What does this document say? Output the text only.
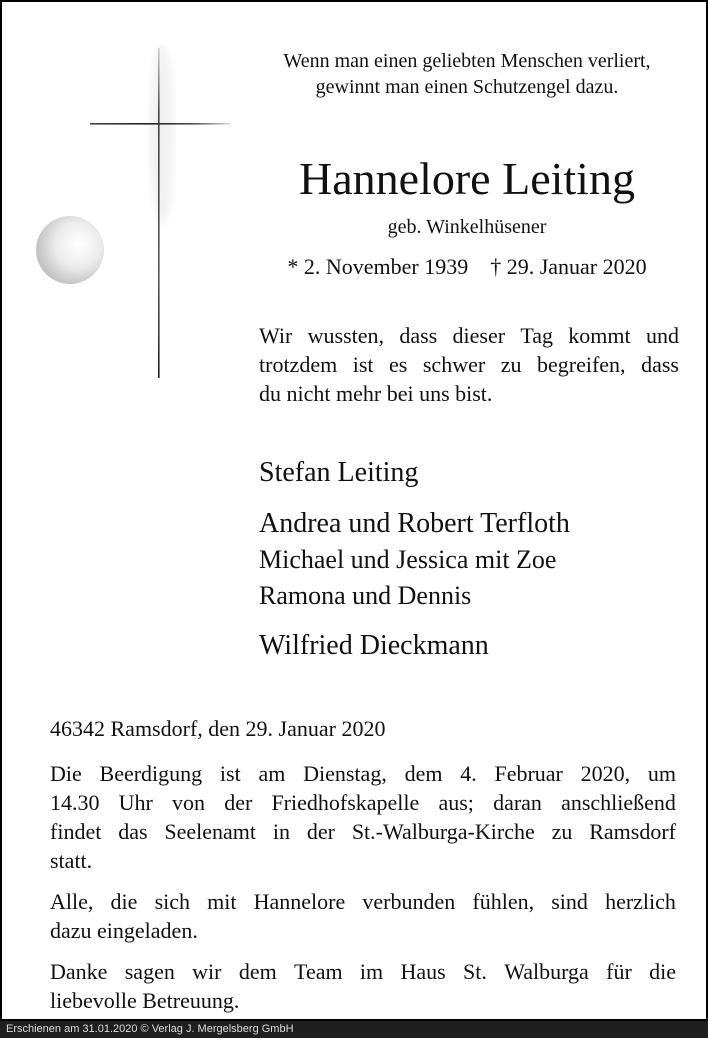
Wenn man einen geliebten Menschen verliert,
gewinnt man einen Schutzengel dazu.
Hannelore Leiting
geb. Winkelhüsener
* 2. November 1939 † 29. Januar 2020
Wir wussten, dass dieser Tag kommt und
trotzdem ist es schwer zu begreifen, dass
du nicht mehr bei uns bist.
Stefan Leiting
Andrea und Robert Terfloth
Michael und Jessica mit Zoe
Ramona und Dennis
Wilfried Dieckmann
46342 Ramsdorf, den 29. Januar 2020
Die Beerdigung ist am Dienstag, dem 4. Februar 2020, um
14.30 Uhr von der Friedhofskapelle aus; daran anschließend
findet das Seelenamt in der St.-Walburga-Kirche zu Ramsdorf
statt.
Alle, die sich mit Hannelore verbunden fühlen, sind herzlich
dazu eingeladen.
Danke sagen wir dem Team im Haus St. Walburga für die
liebevolle Betreuung.
Erschienen am 31.01.2020 © Verlag J. Mergelsberg GmbH
